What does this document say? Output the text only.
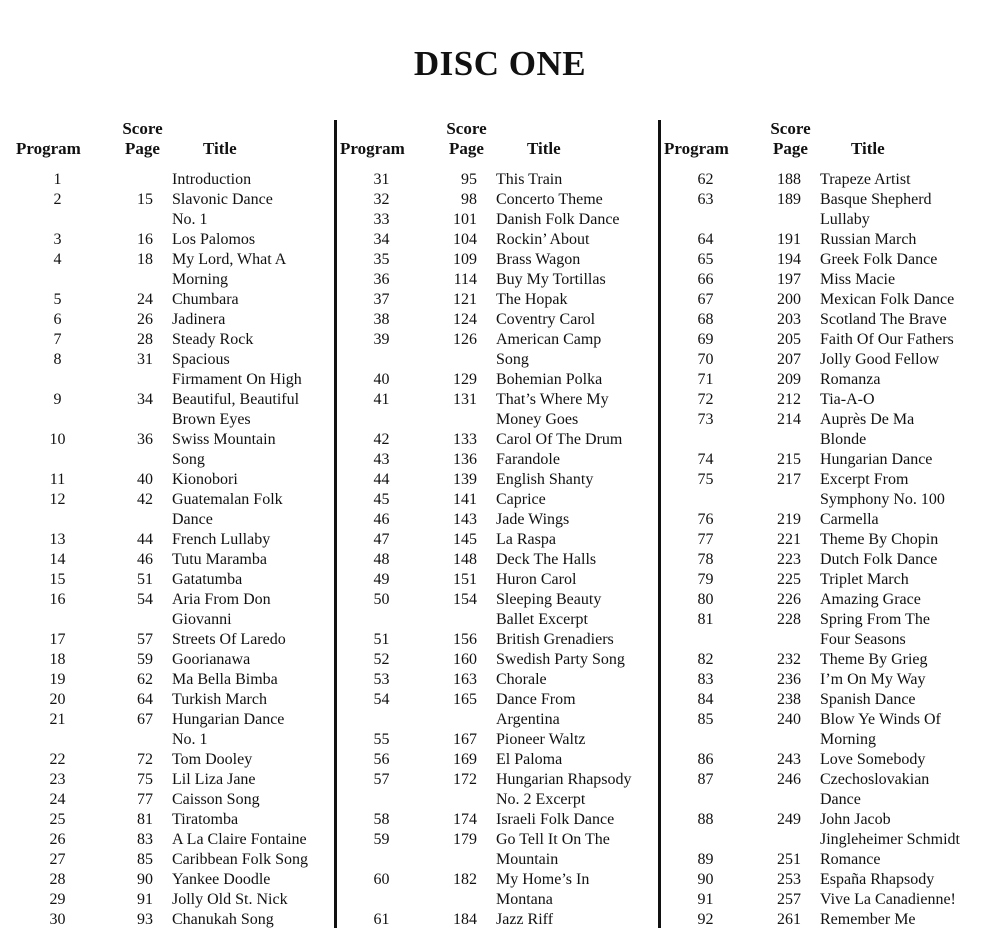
DISC ONE
Program
Score
Page	Title
1	Introduction
2	15 Slavonic Dance
No. 1
3	16 Los Palomos
4	18 My Lord, What A
Morning
5	24 Chumbara
6	26 Jadinera
7	28 Steady Rock
8	31 Spacious
Firmament On High
9	34 Beautiful, Beautiful
Brown Eyes
10	36 Swiss Mountain
Song
11	40 Kionobori
12	42 Guatemalan Folk
Dance
13	44 French Lullaby
14	46 Tutu Maramba
15	51 Gatatumba
16	54 Aria From Don
Giovanni
17	57 Streets Of Laredo
18	59 Goorianawa
19	62 Ma Bella Bimba
20	64 Turkish March
21	67 Hungarian Dance
No. 1
22	72 Tom Dooley
23	75 Lil Liza Jane
24	77 Caisson Song
25	81 Tiratomba
26	83 A La Claire Fontaine
27	85 Caribbean Folk Song
28	90 Yankee Doodle
29	91 Jolly Old St. Nick
30	93 Chanukah Song
Program
Score
Page	Title
31	95 This Train
32	98 Concerto Theme
33	101 Danish Folk Dance
34	104 Rockin’ About
35	109 Brass Wagon
36	114 Buy My Tortillas
37	121 The Hopak
38	124 Coventry Carol
39	126 American Camp
Song
40	129 Bohemian Polka
41	131 That’s Where My
Money Goes
42	133 Carol Of The Drum
43	136 Farandole
44	139 English Shanty
45	141 Caprice
46	143 Jade Wings
47	145 La Raspa
48	148 Deck The Halls
49	151 Huron Carol
50	154 Sleeping Beauty
Ballet Excerpt
51	156 British Grenadiers
52	160 Swedish Party Song
53	163 Chorale
54	165 Dance From
Argentina
55	167 Pioneer Waltz
56	169 El Paloma
57	172 Hungarian Rhapsody
No. 2 Excerpt
58	174 Israeli Folk Dance
59	179 Go Tell It On The
Mountain
60	182 My Home’s In
Montana
61	184 Jazz Riff
Program
Score
Page	Title
62	188 Trapeze Artist
63	189 Basque Shepherd
Lullaby
64	191 Russian March
65	194 Greek Folk Dance
66	197 Miss Macie
67	200 Mexican Folk Dance
68	203 Scotland The Brave
69	205 Faith Of Our Fathers
70	207 Jolly Good Fellow
71	209 Romanza
72	212 Tia-A-O
73	214 Auprès De Ma
Blonde
74	215 Hungarian Dance
75	217 Excerpt From
Symphony No. 100
76	219 Carmella
77	221 Theme By Chopin
78	223 Dutch Folk Dance
79	225 Triplet March
80	226 Amazing Grace
81	228 Spring From The
Four Seasons
82	232 Theme By Grieg
83	236 I’m On My Way
84	238 Spanish Dance
85	240 Blow Ye Winds Of
Morning
86	243 Love Somebody
87	246 Czechoslovakian
Dance
88	249 John Jacob
Jingleheimer Schmidt
89	251 Romance
90	253 España Rhapsody
91	257 Vive La Canadienne!
92	261 Remember Me
